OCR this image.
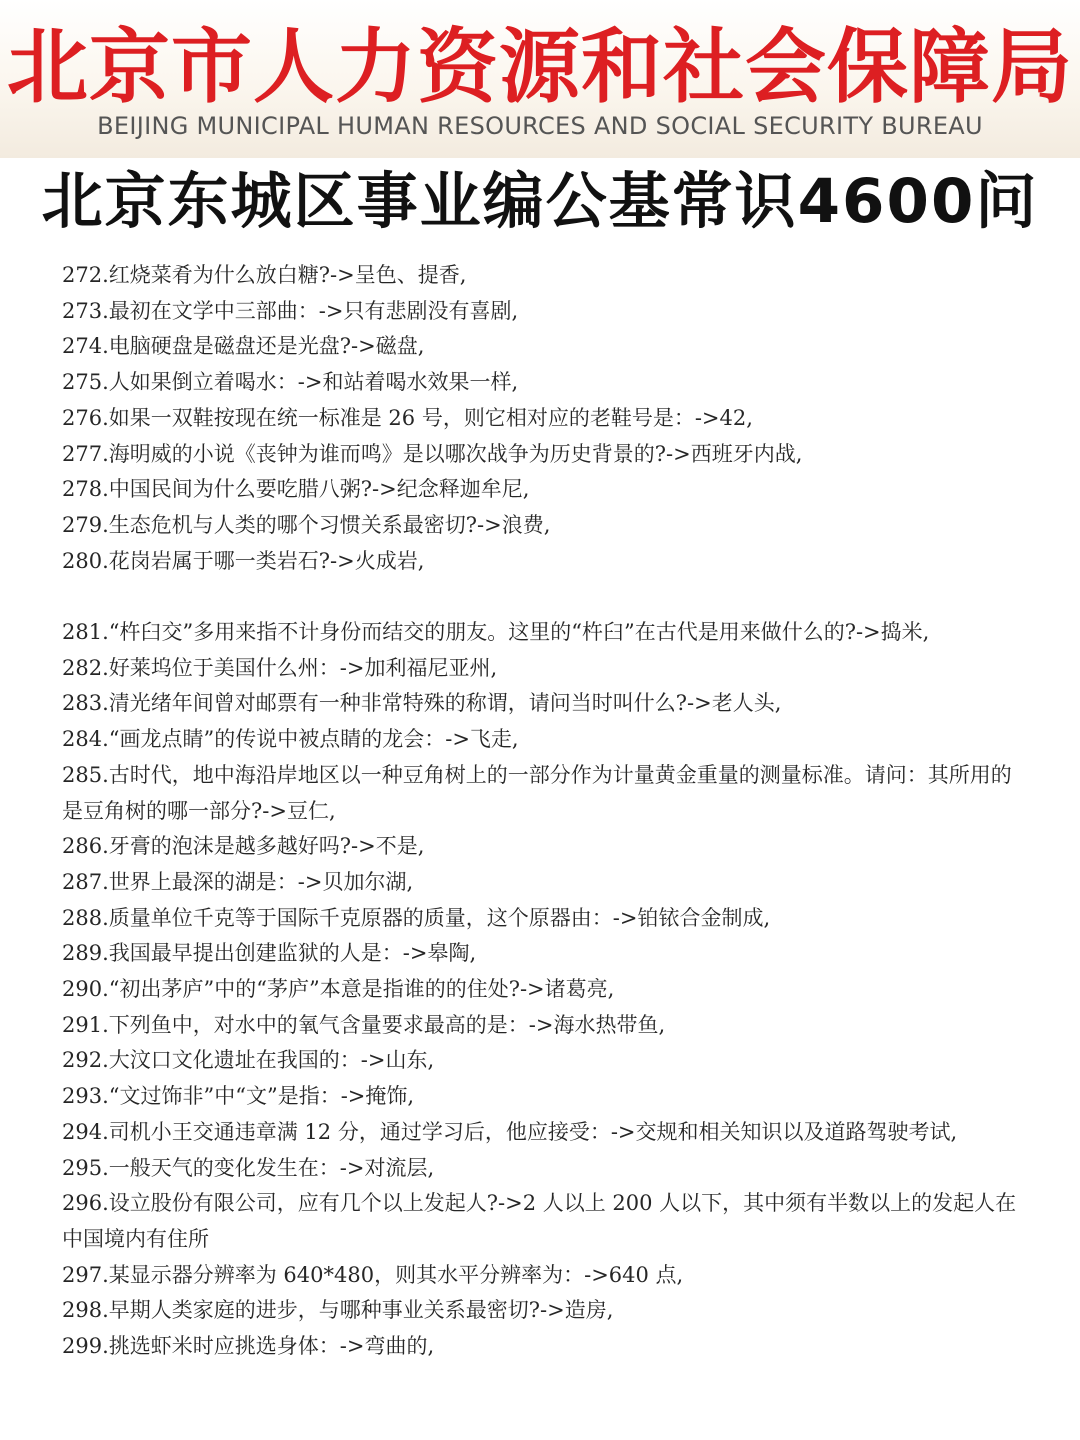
北京市人力资源和社会保障局
BEIJING MUNICIPAL HUMAN RESOURCES AND SOCIAL SECURITY BUREAU
北京东城区事业编公基常识4600问
272.红烧菜肴为什么放白糖?->呈色、提香,
273.最初在文学中三部曲：->只有悲剧没有喜剧,
274.电脑硬盘是磁盘还是光盘?->磁盘,
275.人如果倒立着喝水：->和站着喝水效果一样,
276.如果一双鞋按现在统一标准是 26 号，则它相对应的老鞋号是：->42,
277.海明威的小说《丧钟为谁而鸣》是以哪次战争为历史背景的?->西班牙内战,
278.中国民间为什么要吃腊八粥?->纪念释迦牟尼,
279.生态危机与人类的哪个习惯关系最密切?->浪费,
280.花岗岩属于哪一类岩石?->火成岩,
281.“杵臼交”多用来指不计身份而结交的朋友。这里的“杵臼”在古代是用来做什么的?->捣米,
282.好莱坞位于美国什么州：->加利福尼亚州,
283.清光绪年间曾对邮票有一种非常特殊的称谓，请问当时叫什么?->老人头,
284.“画龙点睛”的传说中被点睛的龙会：->飞走,
285.古时代，地中海沿岸地区以一种豆角树上的一部分作为计量黄金重量的测量标准。请问：其所用的是豆角树的哪一部分?->豆仁,
286.牙膏的泡沫是越多越好吗?->不是,
287.世界上最深的湖是：->贝加尔湖,
288.质量单位千克等于国际千克原器的质量，这个原器由：->铂铱合金制成,
289.我国最早提出创建监狱的人是：->皋陶,
290.“初出茅庐”中的“茅庐”本意是指谁的的住处?->诸葛亮,
291.下列鱼中，对水中的氧气含量要求最高的是：->海水热带鱼,
292.大汶口文化遗址在我国的：->山东,
293.“文过饰非”中“文”是指：->掩饰,
294.司机小王交通违章满 12 分，通过学习后，他应接受：->交规和相关知识以及道路驾驶考试,
295.一般天气的变化发生在：->对流层,
296.设立股份有限公司，应有几个以上发起人?->2 人以上 200 人以下，其中须有半数以上的发起人在中国境内有住所
297.某显示器分辨率为 640*480，则其水平分辨率为：->640 点,
298.早期人类家庭的进步，与哪种事业关系最密切?->造房,
299.挑选虾米时应挑选身体：->弯曲的,
